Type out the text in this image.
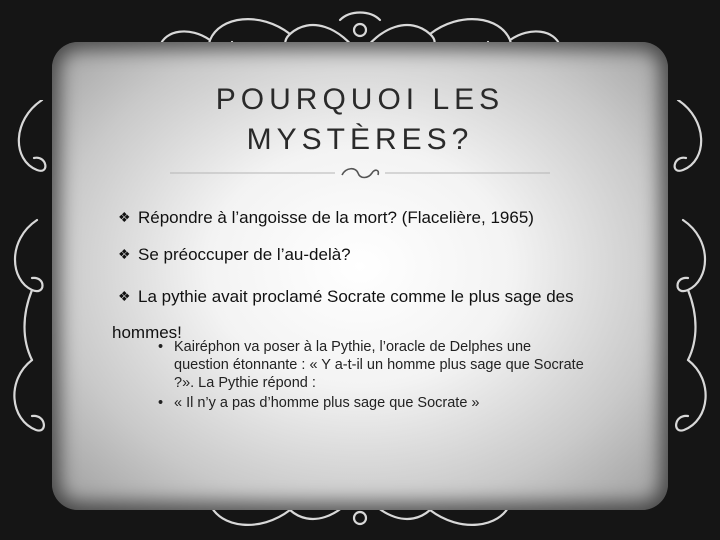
POURQUOI LES
MYSTÈRES?
❖ Répondre à l’angoisse de la mort? (Flacelière, 1965)
❖ Se préoccuper de l’au-delà?
❖ La pythie avait proclamé Socrate comme le plus sage des
hommes!
• Kairéphon va poser à la Pythie, l’oracle de Delphes une question étonnante : « Y a-t-il un homme plus sage que Socrate ?». La Pythie répond :
• « Il n’y a pas d’homme plus sage que Socrate »
